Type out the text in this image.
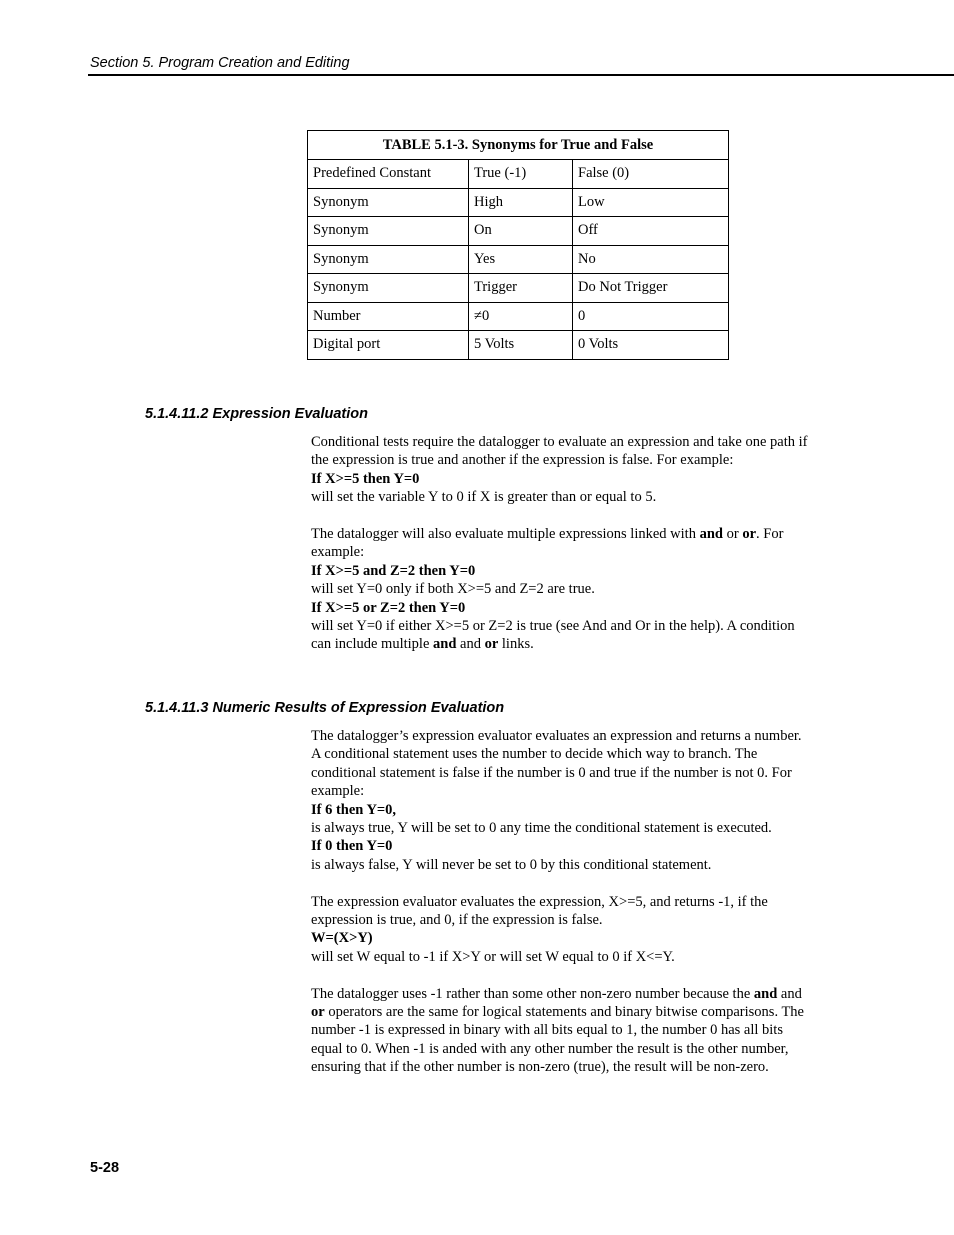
Section 5. Program Creation and Editing
TABLE 5.1-3. Synonyms for True and False		
Predefined Constant	True (-1)	False (0)
Synonym	High	Low
Synonym	On	Off
Synonym	Yes	No
Synonym	Trigger	Do Not Trigger
Number	≠0	0
Digital port	5 Volts	0 Volts
5.1.4.11.2 Expression Evaluation

Conditional tests require the datalogger to evaluate an expression and take one path if the expression is true and another if the expression is false. For example:

If X>=5 then Y=0

will set the variable Y to 0 if X is greater than or equal to 5.

The datalogger will also evaluate multiple expressions linked with and or or. For example:

If X>=5 and Z=2 then Y=0

will set Y=0 only if both X>=5 and Z=2 are true.

If X>=5 or Z=2 then Y=0

will set Y=0 if either X>=5 or Z=2 is true (see And and Or in the help). A condition can include multiple and and or links.

5.1.4.11.3 Numeric Results of Expression Evaluation

The datalogger’s expression evaluator evaluates an expression and returns a number. A conditional statement uses the number to decide which way to branch. The conditional statement is false if the number is 0 and true if the number is not 0. For example:

If 6 then Y=0,

is always true, Y will be set to 0 any time the conditional statement is executed.

If 0 then Y=0

is always false, Y will never be set to 0 by this conditional statement.

The expression evaluator evaluates the expression, X>=5, and returns -1, if the expression is true, and 0, if the expression is false.

W=(X>Y)

will set W equal to -1 if X>Y or will set W equal to 0 if X<=Y.

The datalogger uses -1 rather than some other non-zero number because the and and or operators are the same for logical statements and binary bitwise comparisons. The number -1 is expressed in binary with all bits equal to 1, the number 0 has all bits equal to 0. When -1 is anded with any other number the result is the other number, ensuring that if the other number is non-zero (true), the result will be non-zero.

5-28
